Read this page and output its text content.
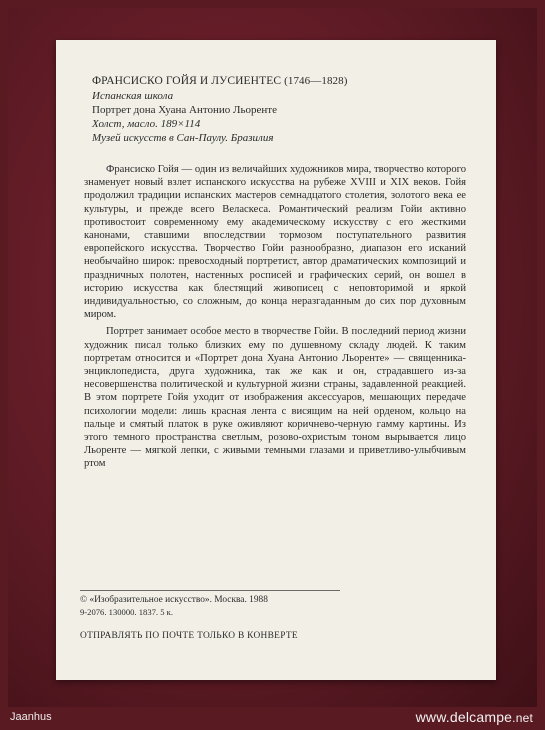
ФРАНСИСКО ГОЙЯ И ЛУСИЕНТЕС (1746—1828)
Испанская школа
Портрет дона Хуана Антонио Льоренте
Холст, масло. 189×114
Музей искусств в Сан-Паулу. Бразилия

Франсиско Гойя — один из величайших художников мира, творчество которого знаменует новый взлет испанского искусства на рубеже XVIII и XIX веков. Гойя продолжил традиции испанских мастеров семнадцатого столетия, золотого века ее культуры, и прежде всего Веласкеса. Романтический реализм Гойи активно противостоит современному ему академическому искусству с его жесткими канонами, ставшими впоследствии тормозом поступательного развития европейского искусства. Творчество Гойи разнообразно, диапазон его исканий необычайно широк: превосходный портретист, автор драматических композиций и праздничных полотен, настенных росписей и графических серий, он вошел в историю искусства как блестящий живописец с неповторимой и яркой индивидуальностью, со сложным, до конца неразгаданным до сих пор духовным миром.

Портрет занимает особое место в творчестве Гойи. В последний период жизни художник писал только близких ему по душевному складу людей. К таким портретам относится и «Портрет дона Хуана Антонио Льоренте» — священника-энциклопедиста, друга художника, так же как и он, страдавшего из-за несовершенства политической и культурной жизни страны, задавленной реакцией. В этом портрете Гойя уходит от изображения аксессуаров, мешающих передаче психологии модели: лишь красная лента с висящим на ней орденом, кольцо на пальце и смятый платок в руке оживляют коричнево-черную гамму картины. Из этого темного пространства светлым, розово-охристым тоном вырывается лицо Льоренте — мягкой лепки, с живыми темными глазами и приветливо-улыбчивым ртом

© «Изобразительное искусство». Москва. 1988
9-2076. 130000. 1837. 5 к.
ОТПРАВЛЯТЬ ПО ПОЧТЕ ТОЛЬКО В КОНВЕРТЕ
Jaanhus	www.delcampe.net
